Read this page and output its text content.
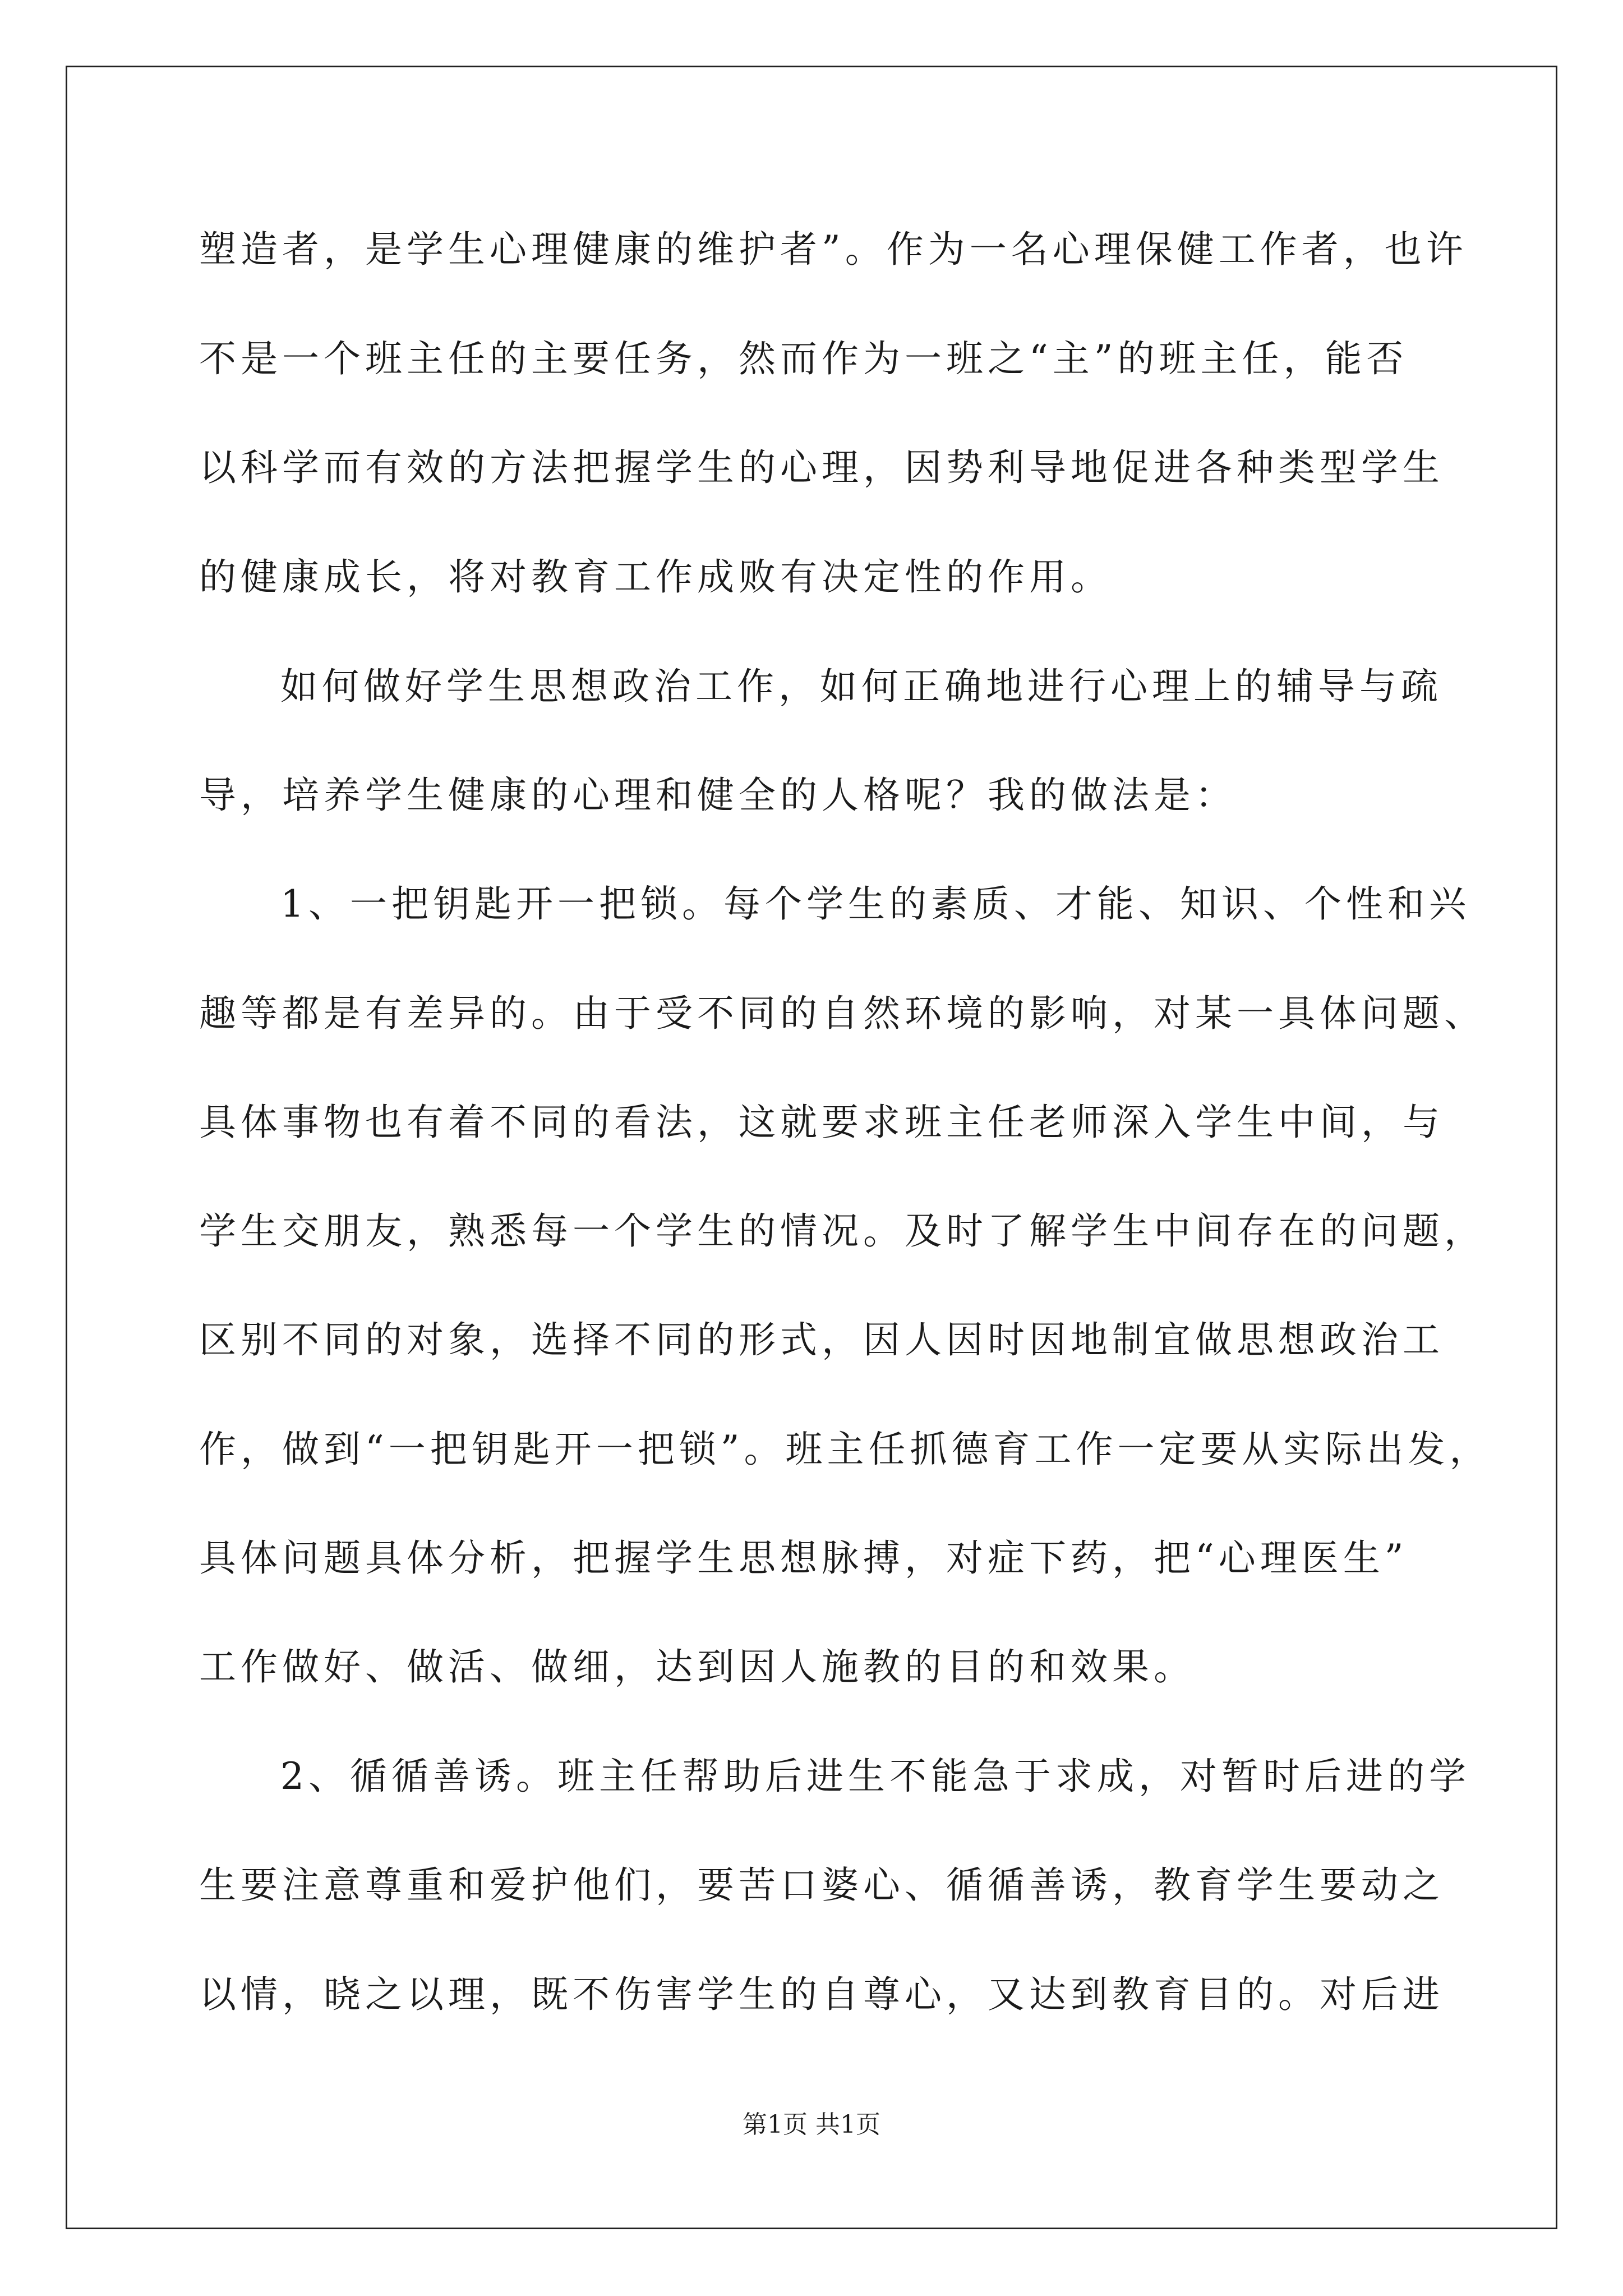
塑造者，是学生心理健康的维护者”。作为一名心理保健工作者，也许

不是一个班主任的主要任务，然而作为一班之“主”的班主任，能否

以科学而有效的方法把握学生的心理，因势利导地促进各种类型学生

的健康成长，将对教育工作成败有决定性的作用。

如何做好学生思想政治工作，如何正确地进行心理上的辅导与疏

导，培养学生健康的心理和健全的人格呢？我的做法是：

1、一把钥匙开一把锁。每个学生的素质、才能、知识、个性和兴

趣等都是有差异的。由于受不同的自然环境的影响，对某一具体问题、

具体事物也有着不同的看法，这就要求班主任老师深入学生中间，与

学生交朋友，熟悉每一个学生的情况。及时了解学生中间存在的问题，

区别不同的对象，选择不同的形式，因人因时因地制宜做思想政治工

作，做到“一把钥匙开一把锁”。班主任抓德育工作一定要从实际出发，

具体问题具体分析，把握学生思想脉搏，对症下药，把“心理医生”

工作做好、做活、做细，达到因人施教的目的和效果。

2、循循善诱。班主任帮助后进生不能急于求成，对暂时后进的学

生要注意尊重和爱护他们，要苦口婆心、循循善诱，教育学生要动之

以情，晓之以理，既不伤害学生的自尊心，又达到教育目的。对后进

第1页 共1页
